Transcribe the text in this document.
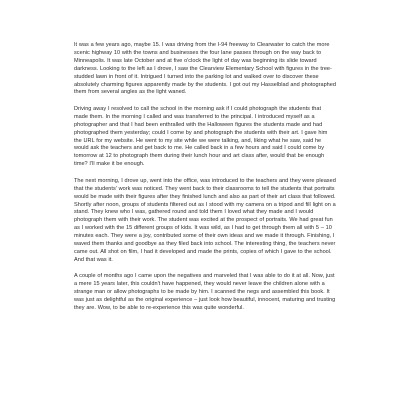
It was a few years ago, maybe 15. I was driving from the I-94 freeway to Clearwater to catch the more scenic highway 10 with the towns and businesses the four lane passes through on the way back to Minneapolis. It was late October and at five o'clock the light of day was beginning its slide toward darkness. Looking to the left as I drove, I saw the Clearview Elementary School with figures in the tree-studded lawn in front of it. Intrigued I turned into the parking lot and walked over to discover these absolutely charming figures apparently made by the students. I got out my Hasselblad and photographed them from several angles as the light waned.

Driving away I resolved to call the school in the morning ask if I could photograph the students that made them. In the morning I called and was transferred to the principal. I introduced myself as a photographer and that I had been enthralled with the Halloween figures the students made and had photographed them yesterday; could I come by and photograph the students with their art. I gave him the URL for my website. He went to my site while we were talking, and, liking what he saw, said he would ask the teachers and get back to me. He called back in a few hours and said I could come by tomorrow at 12 to photograph them during their lunch hour and art class after, would that be enough time? I'll make it be enough.

The next morning, I drove up, went into the office, was introduced to the teachers and they were pleased that the students' work was noticed. They went back to their classrooms to tell the students that portraits would be made with their figures after they finished lunch and also as part of their art class that followed. Shortly after noon, groups of students filtered out as I stood with my camera on a tripod and fill light on a stand. They knew who I was, gathered round and told them I loved what they made and I would photograph them with their work. The student was excited at the prospect of portraits. We had great fun as I worked with the 15 different groups of kids. It was wild, as I had to get through them all with 5 – 10 minutes each. They were a joy, contributed some of their own ideas and we made it through. Finishing, I waved them thanks and goodbye as they filed back into school. The interesting thing, the teachers never came out. All shot on film, I had it developed and made the prints, copies of which I gave to the school. And that was it.

A couple of months ago I came upon the negatives and marveled that I was able to do it at all. Now, just a mere 15 years later, this couldn't have happened, they would never leave the children alone with a strange man or allow photographs to be made by him. I scanned the negs and assembled this book. It was just as delightful as the original experience – just look how beautiful, innocent, maturing and trusting they are. Wow, to be able to re-experience this was quite wonderful.
